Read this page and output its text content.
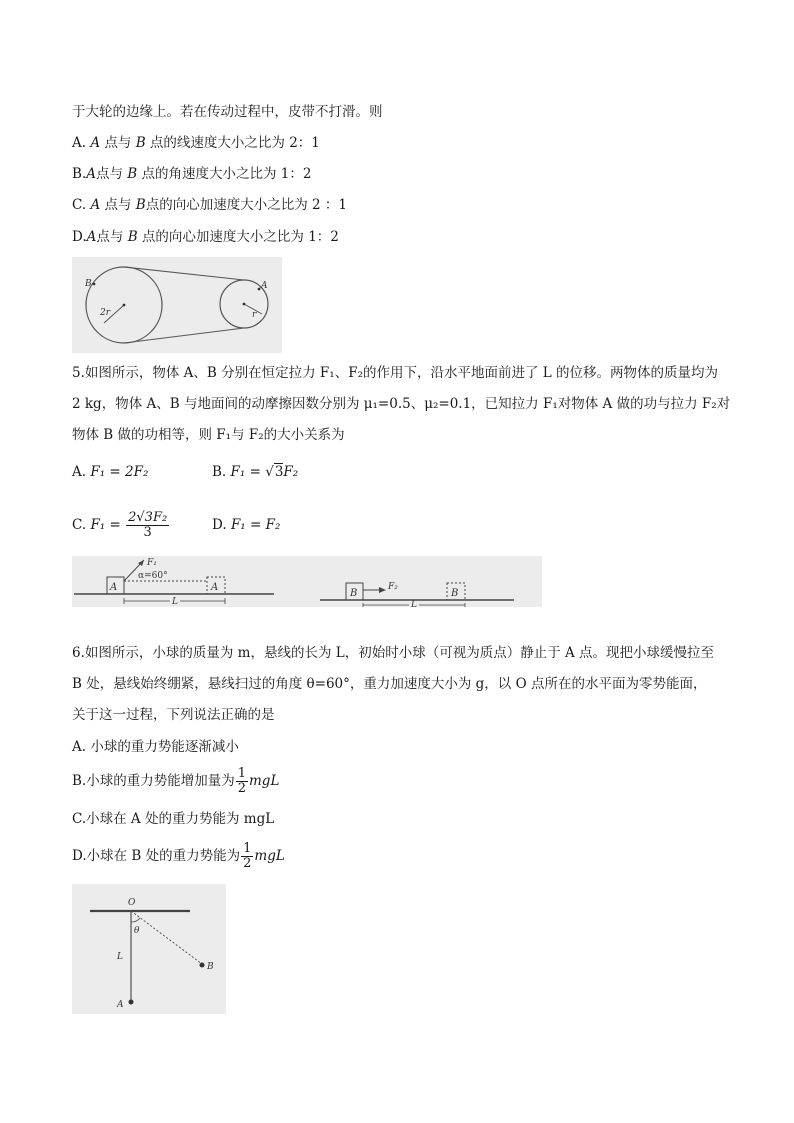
于大轮的边缘上。若在传动过程中，皮带不打滑。则
A. A 点与 B 点的线速度大小之比为 2：1
B.A点与 B 点的角速度大小之比为 1：2
C. A 点与 B点的向心加速度大小之比为 2 ：1
D.A点与 B 点的向心加速度大小之比为 1：2
B	A
2r	r
5.如图所示，物体 A、B 分别在恒定拉力 F₁、F₂的作用下，沿水平地面前进了 L 的位移。两物体的质量均为
2 kg，物体 A、B 与地面间的动摩擦因数分别为 μ₁=0.5、μ₂=0.1，已知拉力 F₁对物体 A 做的功与拉力 F₂对
物体 B 做的功相等，则 F₁与 F₂的大小关系为
A. F₁ = 2F₂	B. F₁ = √3F₂
C. $F_1 = \frac{\text{2√3F₂}}{3}$	D. F₁ = F₂
A
F₁
α=60°
A
L
B
F₂
B
L
6.如图所示，小球的质量为 m，悬线的长为 L，初始时小球（可视为质点）静止于 A 点。现把小球缓慢拉至
B 处，悬线始终绷紧，悬线扫过的角度 θ=60°，重力加速度大小为 g，以 O 点所在的水平面为零势能面，
关于这一过程，下列说法正确的是
A. 小球的重力势能逐渐减小
B.小球的重力势能增加量为 $\frac{1}{2}$ mgL
C.小球在 A 处的重力势能为 mgL
D.小球在 B 处的重力势能为 $\frac{1}{2}$ mgL
O
θ
L
B
A
